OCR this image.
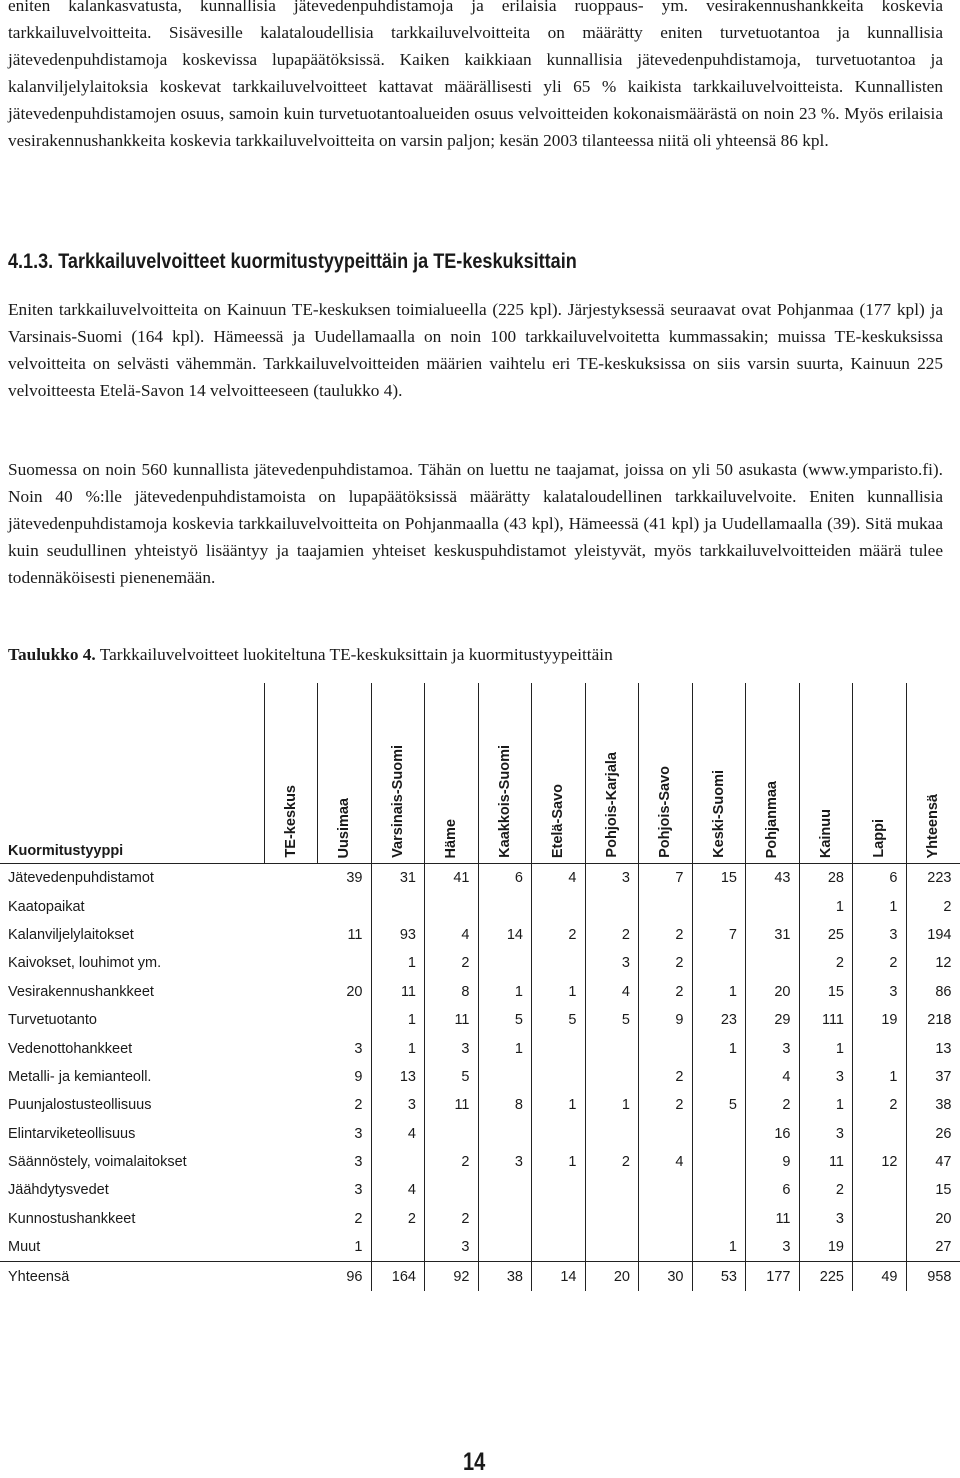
eniten kalankasvatusta, kunnallisia jätevedenpuhdistamoja ja erilaisia ruoppaus- ym. vesirakennushankkeita koskevia tarkkailuvelvoitteita. Sisävesille kalataloudellisia tarkkailuvelvoitteita on määrätty eniten turvetuotantoa ja kunnallisia jätevedenpuhdistamoja koskevissa lupapäätöksissä. Kaiken kaikkiaan kunnallisia jätevedenpuhdistamoja, turvetuotantoa ja kalanviljelylaitoksia koskevat tarkkailuvelvoitteet kattavat määrällisesti yli 65 % kaikista tarkkailuvelvoitteista. Kunnallisten jätevedenpuhdistamojen osuus, samoin kuin turvetuotantoalueiden osuus velvoitteiden kokonaismäärästä on noin 23 %. Myös erilaisia vesirakennushankkeita koskevia tarkkailuvelvoitteita on varsin paljon; kesän 2003 tilanteessa niitä oli yhteensä 86 kpl.

4.1.3. Tarkkailuvelvoitteet kuormitustyypeittäin ja TE-keskuksittain

Eniten tarkkailuvelvoitteita on Kainuun TE-keskuksen toimialueella (225 kpl). Järjestyksessä seuraavat ovat Pohjanmaa (177 kpl) ja Varsinais-Suomi (164 kpl). Hämeessä ja Uudellamaalla on noin 100 tarkkailuvelvoitetta kummassakin; muissa TE-keskuksissa velvoitteita on selvästi vähemmän. Tarkkailuvelvoitteiden määrien vaihtelu eri TE-keskuksissa on siis varsin suurta, Kainuun 225 velvoitteesta Etelä-Savon 14 velvoitteeseen (taulukko 4).

Suomessa on noin 560 kunnallista jätevedenpuhdistamoa. Tähän on luettu ne taajamat, joissa on yli 50 asukasta (www.ymparisto.fi). Noin 40 %:lle jätevedenpuhdistamoista on lupapäätöksissä määrätty kalataloudellinen tarkkailuvelvoite. Eniten kunnallisia jätevedenpuhdistamoja koskevia tarkkailuvelvoitteita on Pohjanmaalla (43 kpl), Hämeessä (41 kpl) ja Uudellamaalla (39). Sitä mukaa kuin seudullinen yhteistyö lisääntyy ja taajamien yhteiset keskuspuhdistamot yleistyvät, myös tarkkailuvelvoitteiden määrä tulee todennäköisesti pienenemään.

Taulukko 4. Tarkkailuvelvoitteet luokiteltuna TE-keskuksittain ja kuormitustyypeittäin

Kuormitustyyppi	TE-keskus	Uusimaa	Varsinais-Suomi	Häme	Kaakkois-Suomi	Etelä-Savo	Pohjois-Karjala	Pohjois-Savo	Keski-Suomi	Pohjanmaa	Kainuu	Lappi	Yhteensä

Jätevedenpuhdistamot		39	31	41	6	4	3	7	15	43	28	6	223
Kaatopaikat											1	1	2
Kalanviljelylaitokset		11	93	4	14	2	2	2	7	31	25	3	194
Kaivokset, louhimot ym.			1	2			3	2			2	2	12
Vesirakennushankkeet		20	11	8	1	1	4	2	1	20	15	3	86
Turvetuotanto			1	11	5	5	5	9	23	29	111	19	218
Vedenottohankkeet		3	1	3	1				1	3	1		13
Metalli- ja kemianteoll.		9	13	5				2		4	3	1	37
Puunjalostusteollisuus		2	3	11	8	1	1	2	5	2	1	2	38
Elintarviketeollisuus		3	4							16	3		26
Säännöstely, voimalaitokset		3		2	3	1	2	4		9	11	12	47
Jäähdytysvedet		3	4							6	2		15
Kunnostushankkeet		2	2	2						11	3		20
Muut		1		3					1	3	19		27
Yhteensä		96	164	92	38	14	20	30	53	177	225	49	958

14
